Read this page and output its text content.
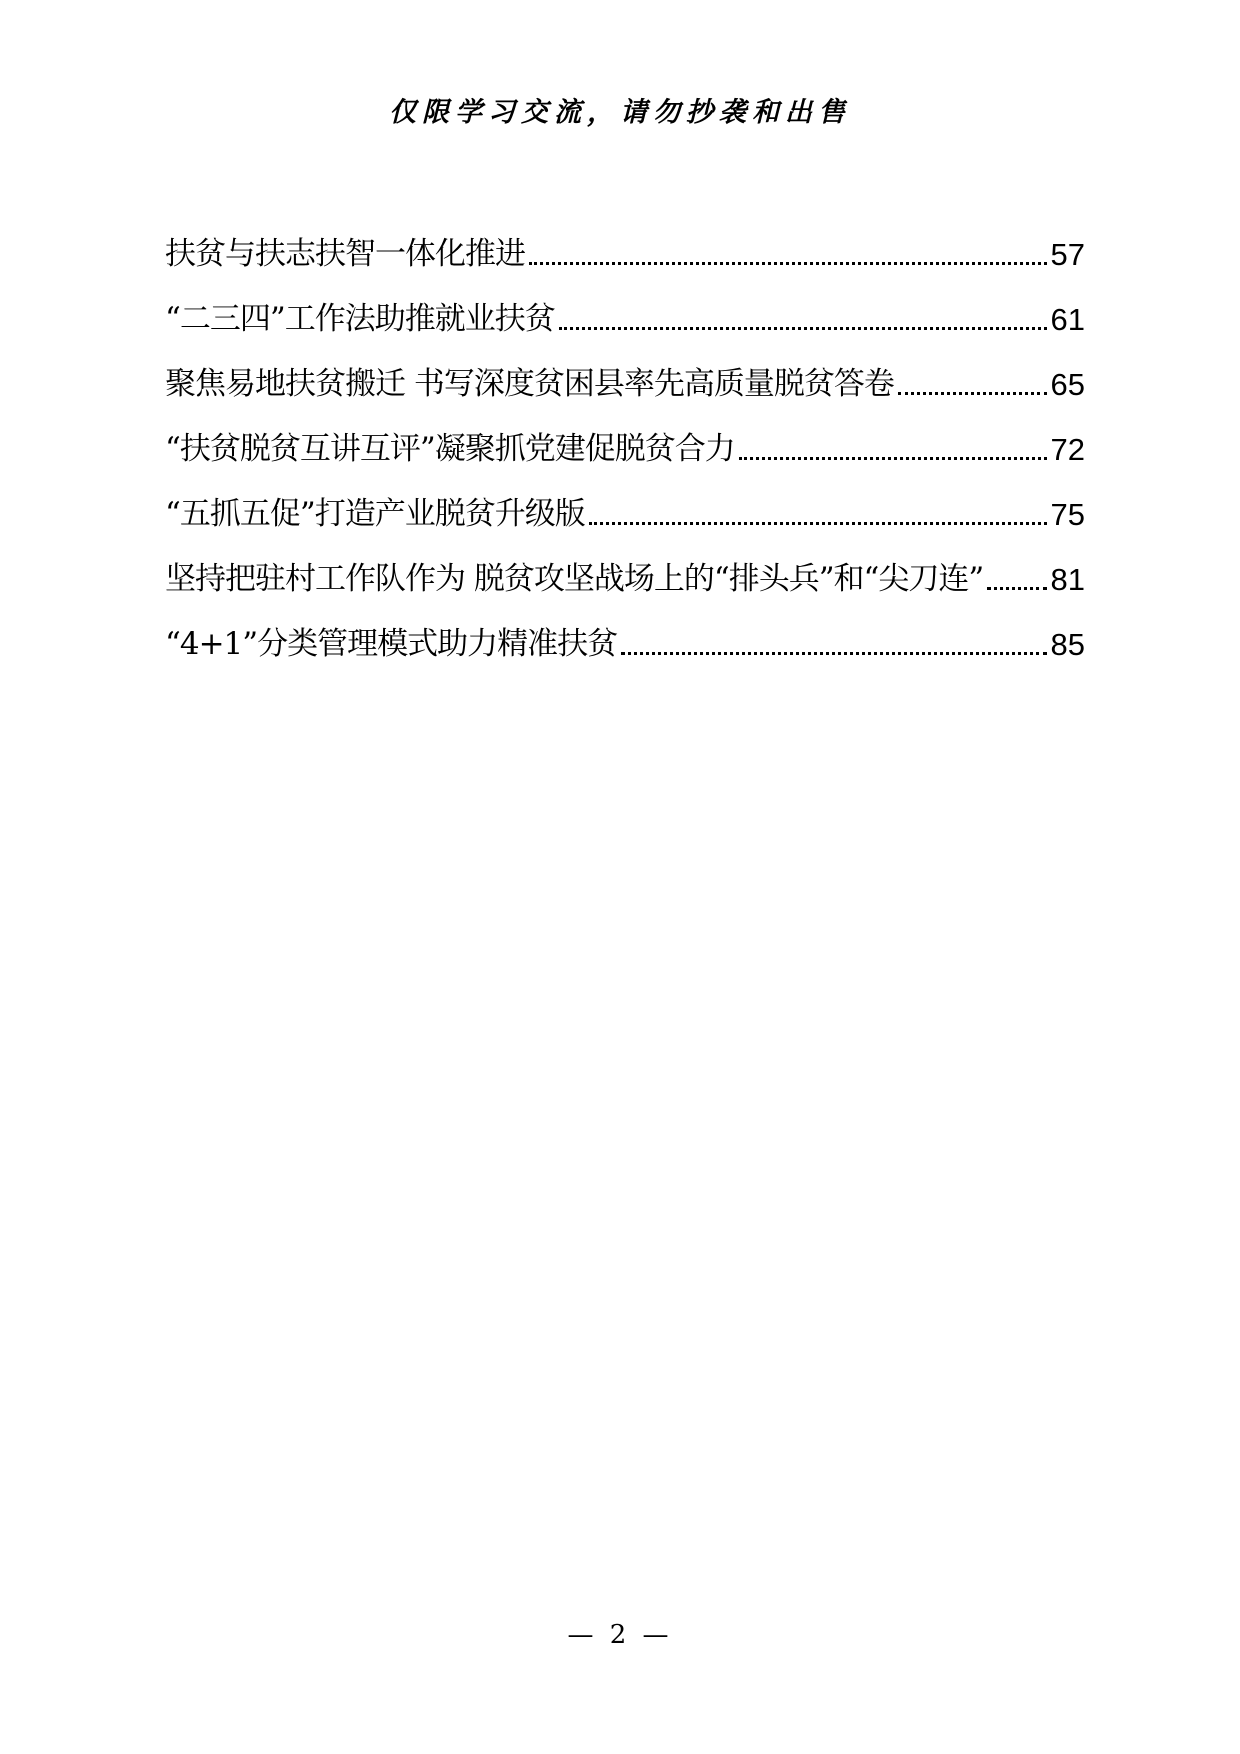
仅限学习交流，请勿抄袭和出售
扶贫与扶志扶智一体化推进	57
“二三四”工作法助推就业扶贫	61
聚焦易地扶贫搬迁 书写深度贫困县率先高质量脱贫答卷	65
“扶贫脱贫互讲互评”凝聚抓党建促脱贫合力	72
“五抓五促”打造产业脱贫升级版	75
坚持把驻村工作队作为 脱贫攻坚战场上的“排头兵”和“尖刀连” 81
“4+1”分类管理模式助力精准扶贫	85
— 2 —
